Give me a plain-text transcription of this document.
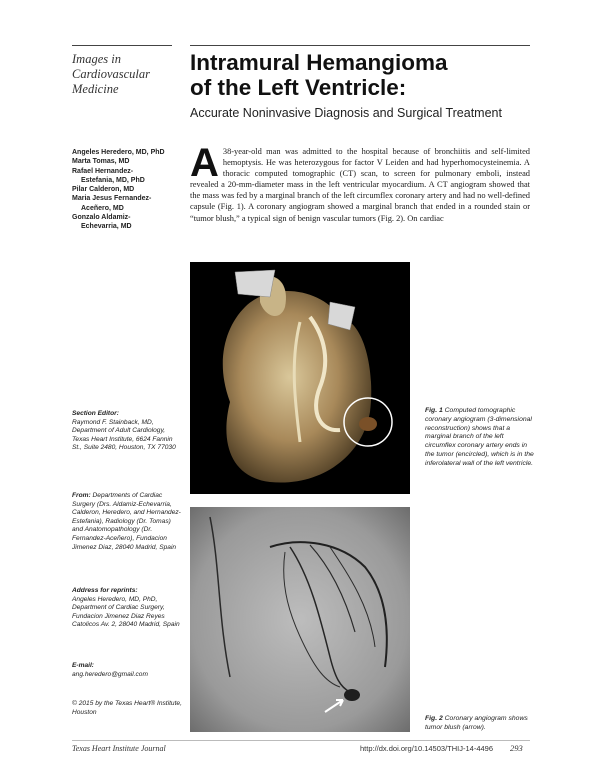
Images in
Cardiovascular
Medicine
Intramural Hemangioma
of the Left Ventricle:
Accurate Noninvasive Diagnosis and Surgical Treatment
Angeles Heredero, MD, PhD
Marta Tomas, MD
Rafael Hernandez-
Estefania, MD, PhD
Pilar Calderon, MD
Maria Jesus Fernandez-
Aceñero, MD
Gonzalo Aldamiz-
Echevarria, MD
A 38-year-old man was admitted to the hospital because of bronchiitis and self-limited hemoptysis. He was heterozygous for factor V Leiden and had hyperhomocysteinemia. A thoracic computed tomographic (CT) scan, to screen for pulmonary emboli, instead revealed a 20-mm-diameter mass in the left ventricular myocardium. A CT angiogram showed that the mass was fed by a marginal branch of the left circumflex coronary artery and had no well-defined capsule (Fig. 1). A coronary angiogram showed a marginal branch that ended in a rounded stain or “tumor blush,” a typical sign of benign vascular tumors (Fig. 2). On cardiac
Fig. 1 Computed tomographic coronary angiogram (3-dimensional reconstruction) shows that a marginal branch of the left circumflex coronary artery ends in the tumor (encircled), which is in the inferolateral wall of the left ventricle.
Fig. 2 Coronary angiogram shows tumor blush (arrow).
Section Editor:
Raymond F. Stainback, MD, Department of Adult Cardiology, Texas Heart Institute, 6624 Fannin St., Suite 2480, Houston, TX 77030
From: Departments of Cardiac Surgery (Drs. Aldamiz-Echevarria, Calderon, Heredero, and Hernandez-Estefania), Radiology (Dr. Tomas) and Anatomopathology (Dr. Fernandez-Aceñero), Fundacion Jimenez Diaz, 28040 Madrid, Spain
Address for reprints:
Angeles Heredero, MD, PhD, Department of Cardiac Surgery, Fundacion Jimenez Diaz Reyes Catolicos Av. 2, 28040 Madrid, Spain
E-mail:
ang.heredero@gmail.com
© 2015 by the Texas Heart® Institute, Houston
Texas Heart Institute Journal	http://dx.doi.org/10.14503/THIJ-14-4496 293
